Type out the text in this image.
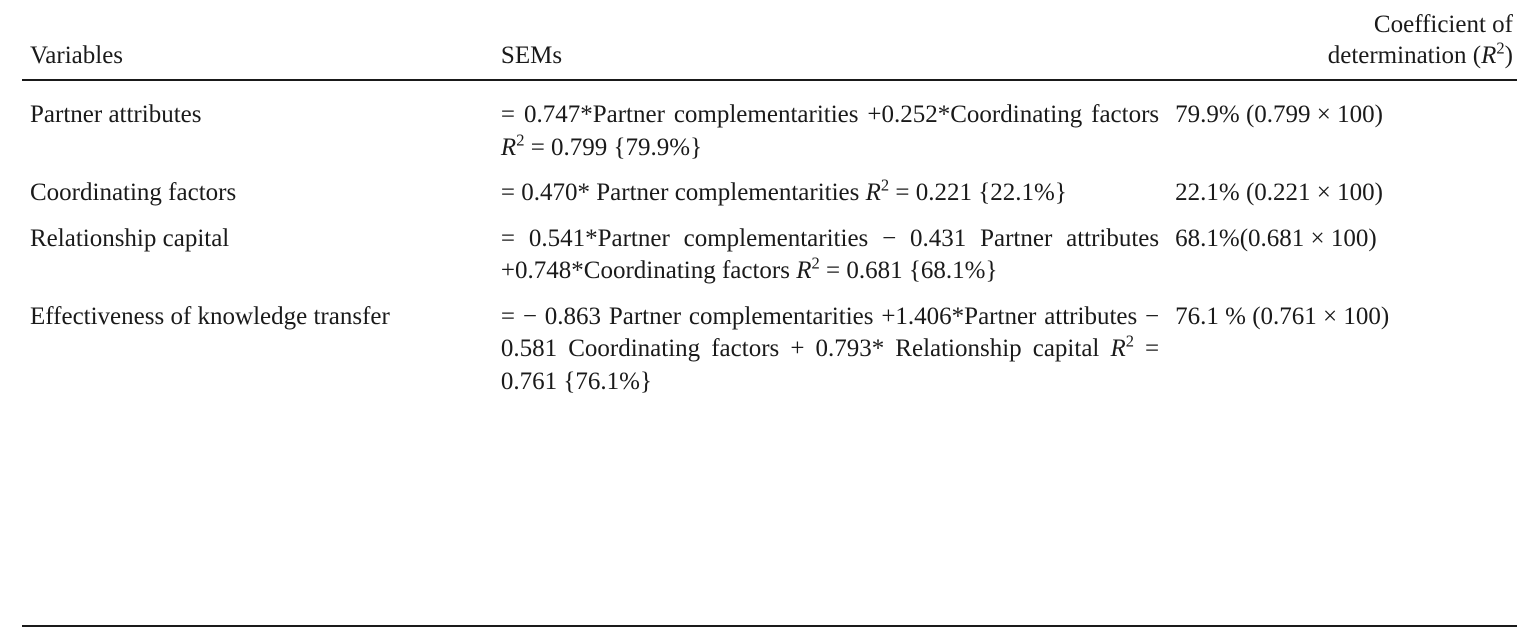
Variables	SEMs	Coefficient of
determination $(R^2)$

Partner attributes	= 0.747*Partner complementarities +0.252*Coordinating factors $R^2 = 0.799$ {79.9%}	79.9% (0.799 × 100)
Coordinating factors	= 0.470* Partner complementarities $R^2 = 0.221$ {22.1%}	22.1% (0.221 × 100)
Relationship capital	= 0.541*Partner complementarities − 0.431 Partner attributes +0.748*Coordinating factors $R^2 = 0.681$ {68.1%}	68.1%(0.681 × 100)
Effectiveness of knowledge transfer	= − 0.863 Partner complementarities +1.406*Partner attributes − 0.581 Coordinating factors + 0.793* Relationship capital $R^2 = 0.761$ {76.1%}	76.1 % (0.761 × 100)
